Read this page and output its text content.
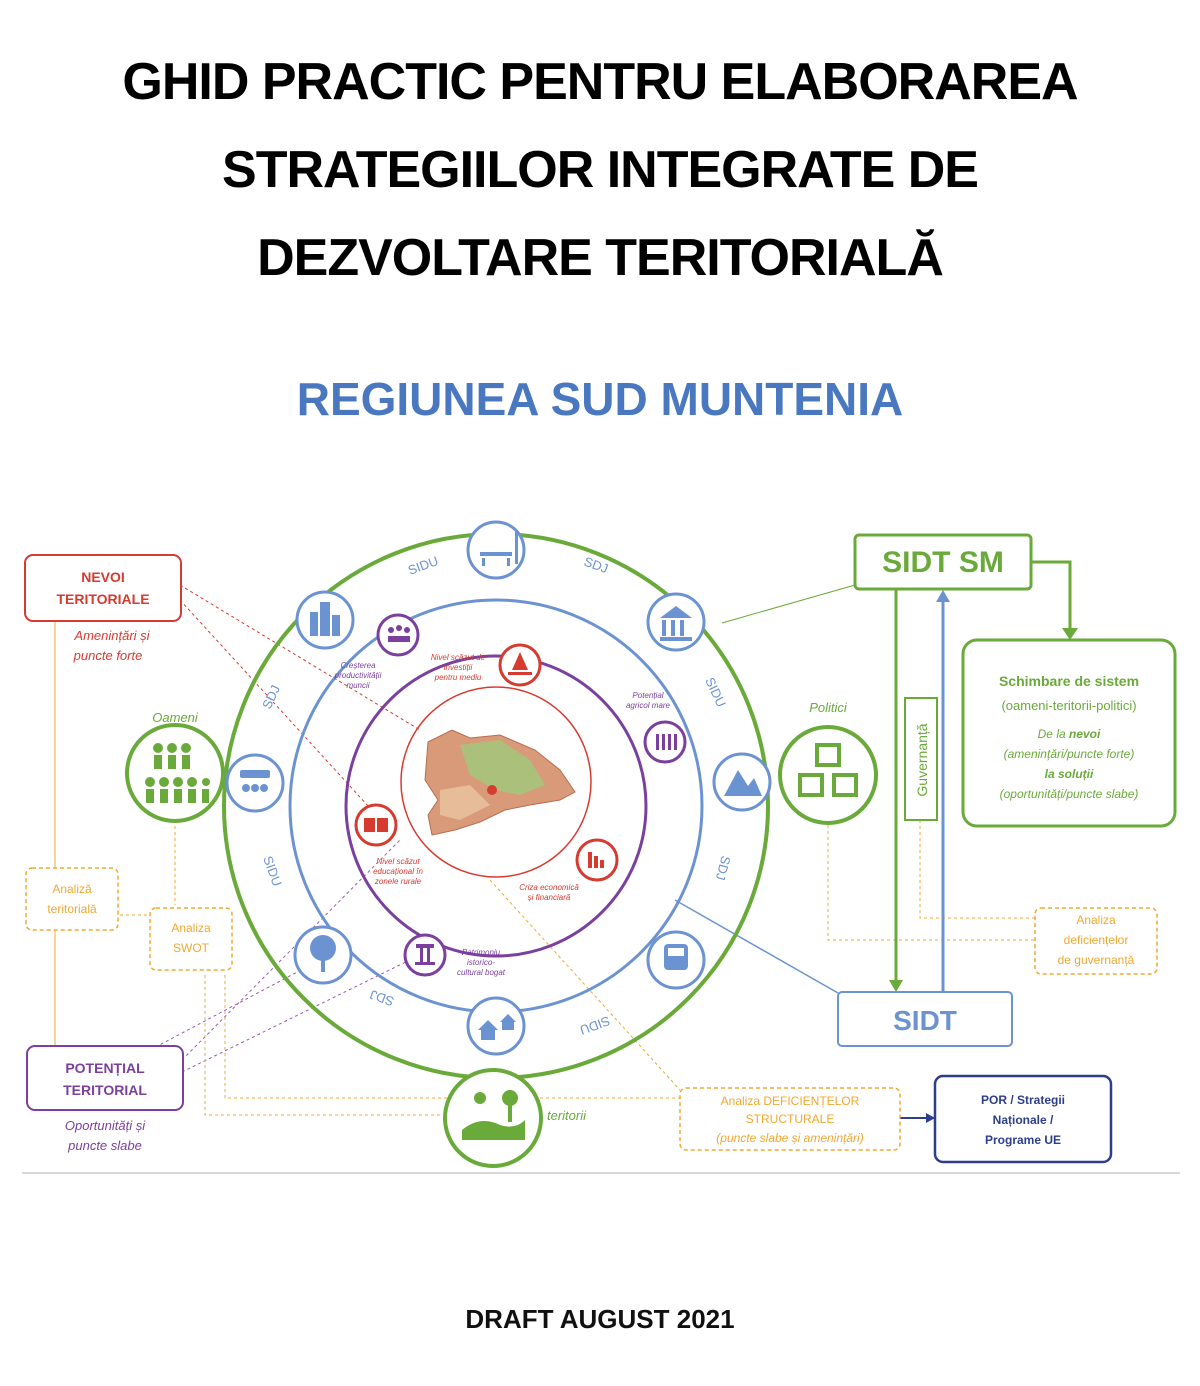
GHID PRACTIC PENTRU ELABORAREA
STRATEGIILOR INTEGRATE DE
DEZVOLTARE TERITORIALĂ
REGIUNEA SUD MUNTENIA
SIDU	SDJ
SIDU
SDJ
SIDU	SDJ
SDJ
SIDU
Creșterea
productivității
muncii
Nivel scăzut de
investiții
pentru mediu
Potențial
agricol mare
Nivel scăzut
educațional în
zonele rurale
Criza economică
și financiară
Patrimoniu
istorico-
cultural bogat
Oameni
Politici
teritorii
NEVOI
TERITORIALE
Amenințări și
puncte forte
Analiză
teritorială
Analiza
SWOT
POTENȚIAL
TERITORIAL
Oportunități și
puncte slabe
SIDT SM
Guvernanță
Schimbare de sistem
(oameni-teritorii-politici)
De la nevoi
(amenințări/puncte forte)
la soluții
(oportunități/puncte slabe)
Analiza
deficiențelor
de guvernanță
SIDT
Analiza DEFICIENȚELOR
STRUCTURALE
(puncte slabe și amenințări)
POR / Strategii
Naționale /
Programe UE
DRAFT AUGUST 2021
